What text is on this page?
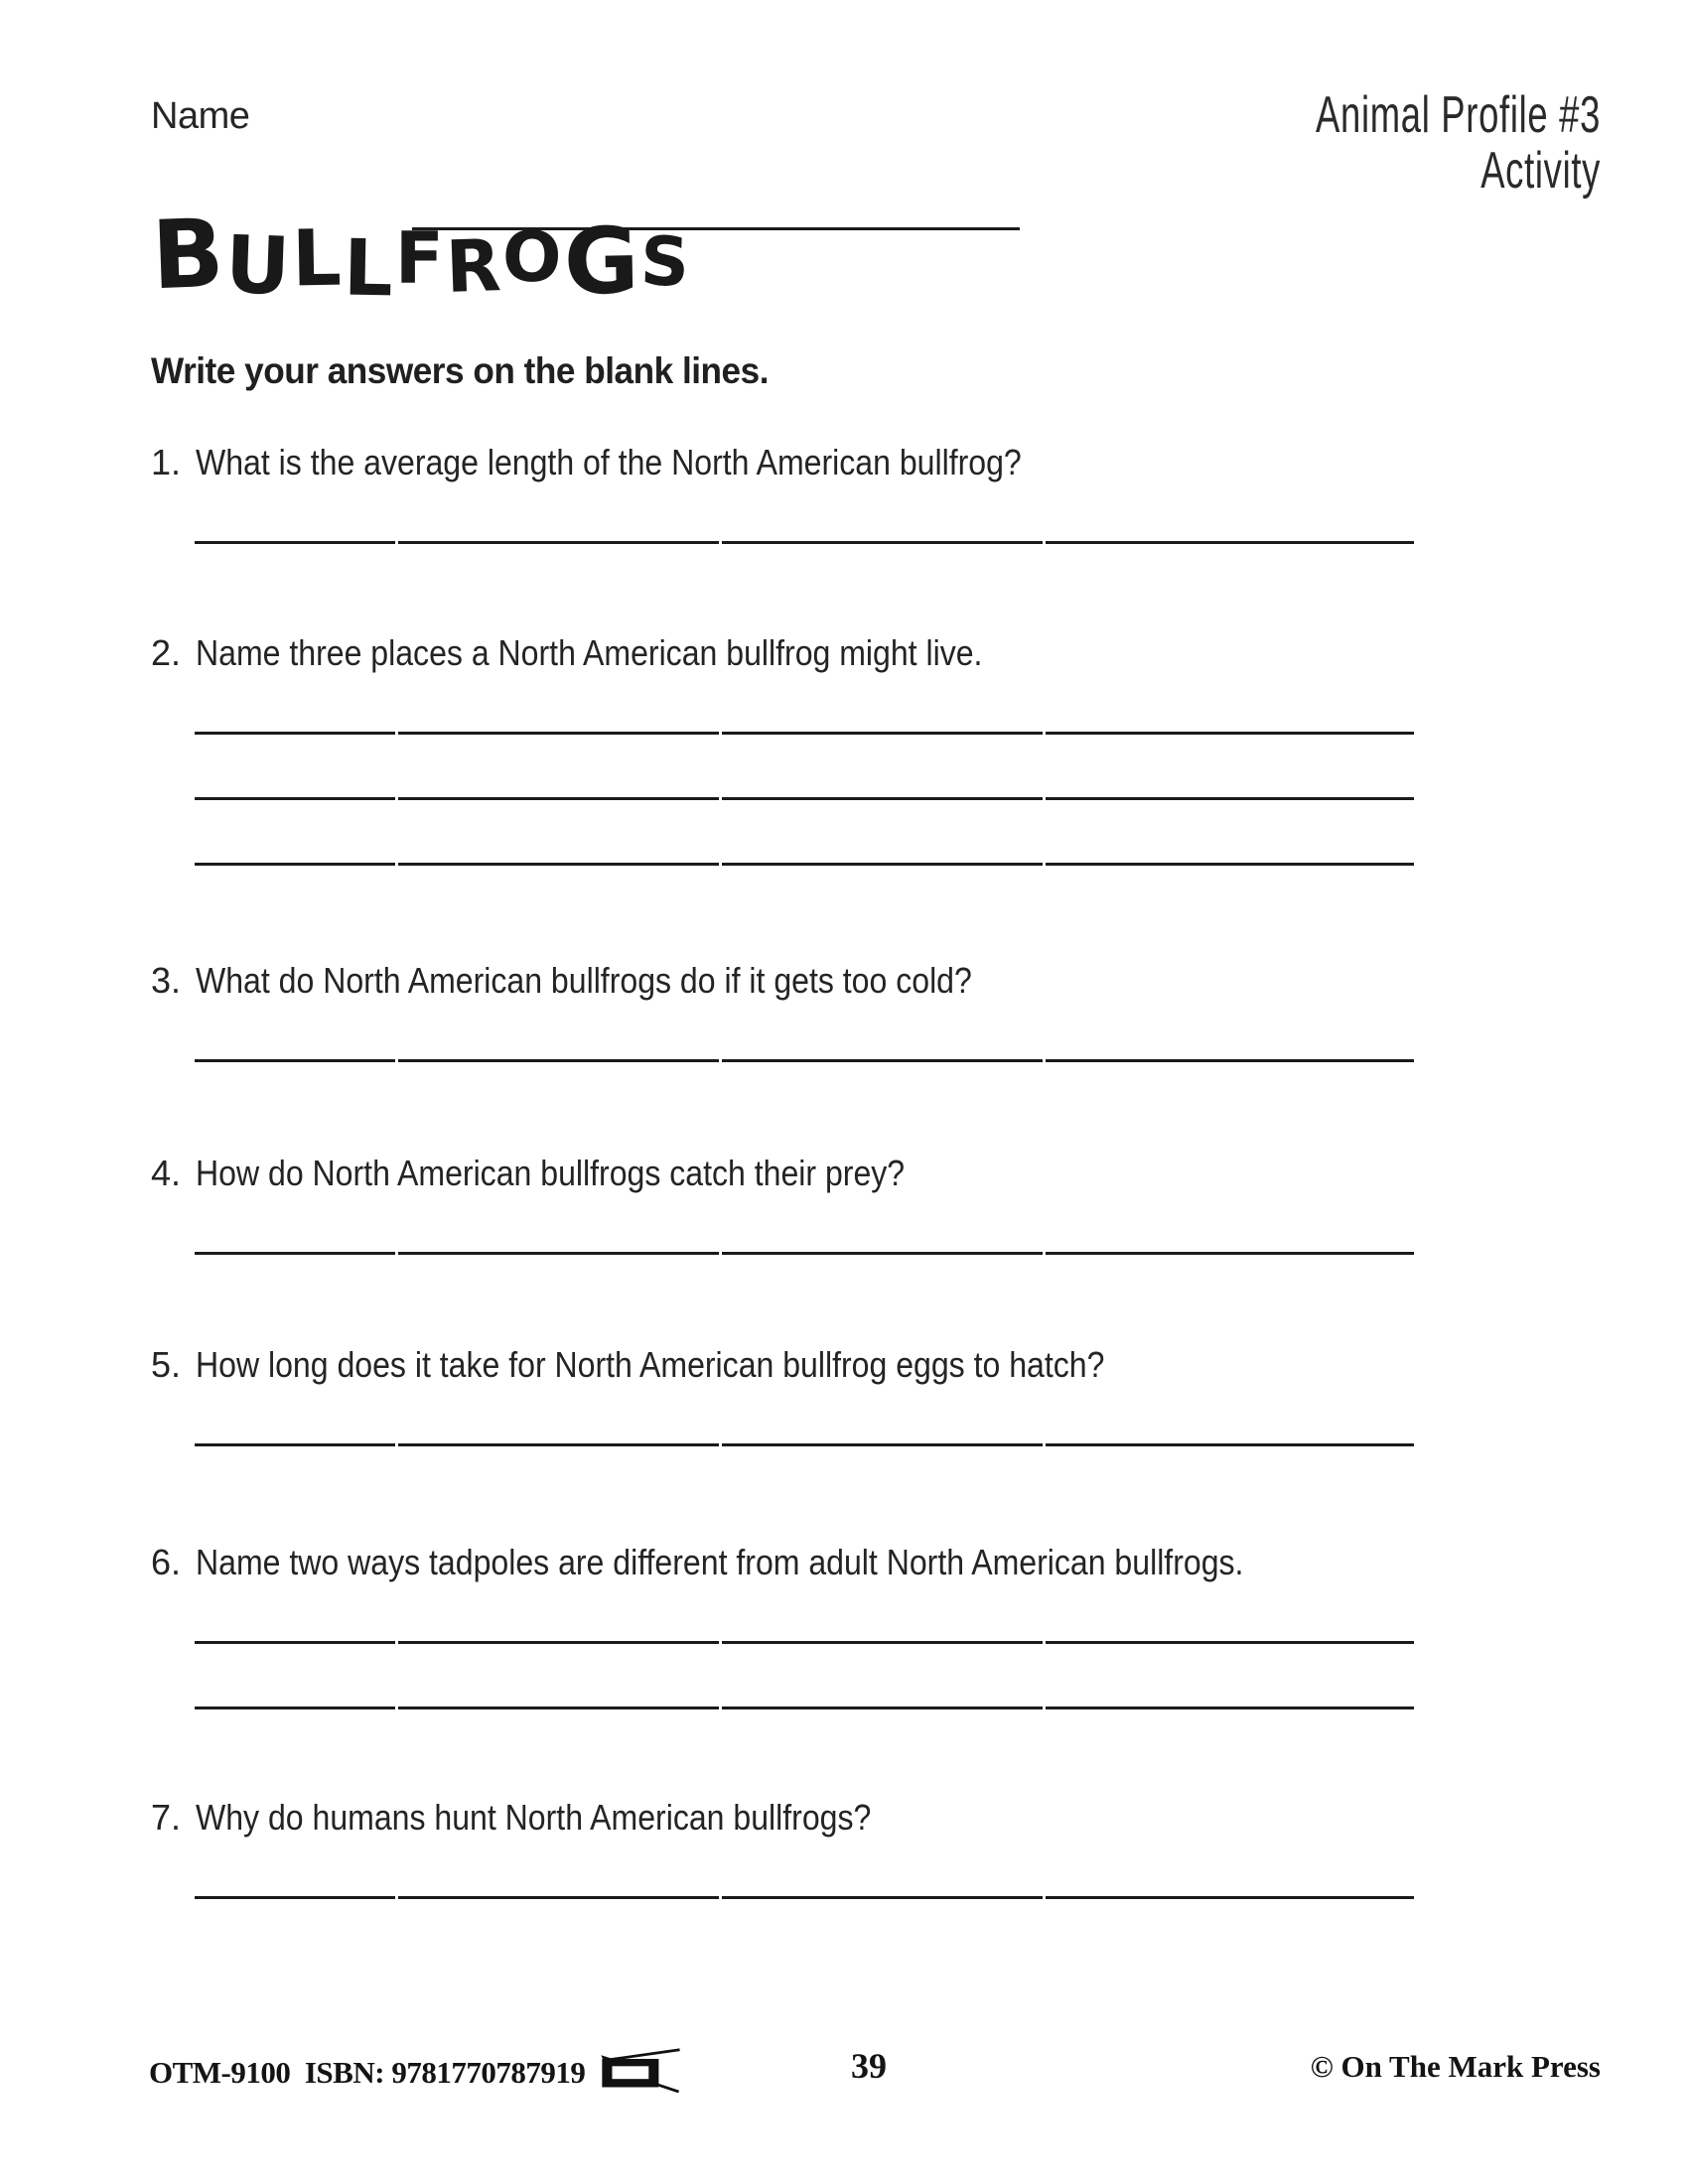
Name	Animal Profile #3
Activity
B
U
L
L F
R
O
G
S
Write your answers on the blank lines.
1. What is the average length of the North American bullfrog?
2. Name three places a North American bullfrog might live.
3. What do North American bullfrogs do if it gets too cold?
4. How do North American bullfrogs catch their prey?
5. How long does it take for North American bullfrog eggs to hatch?
6. Name two ways tadpoles are different from adult North American bullfrogs.
7. Why do humans hunt North American bullfrogs?
OTM-9100  ISBN: 9781770787919	39	© On The Mark Press
